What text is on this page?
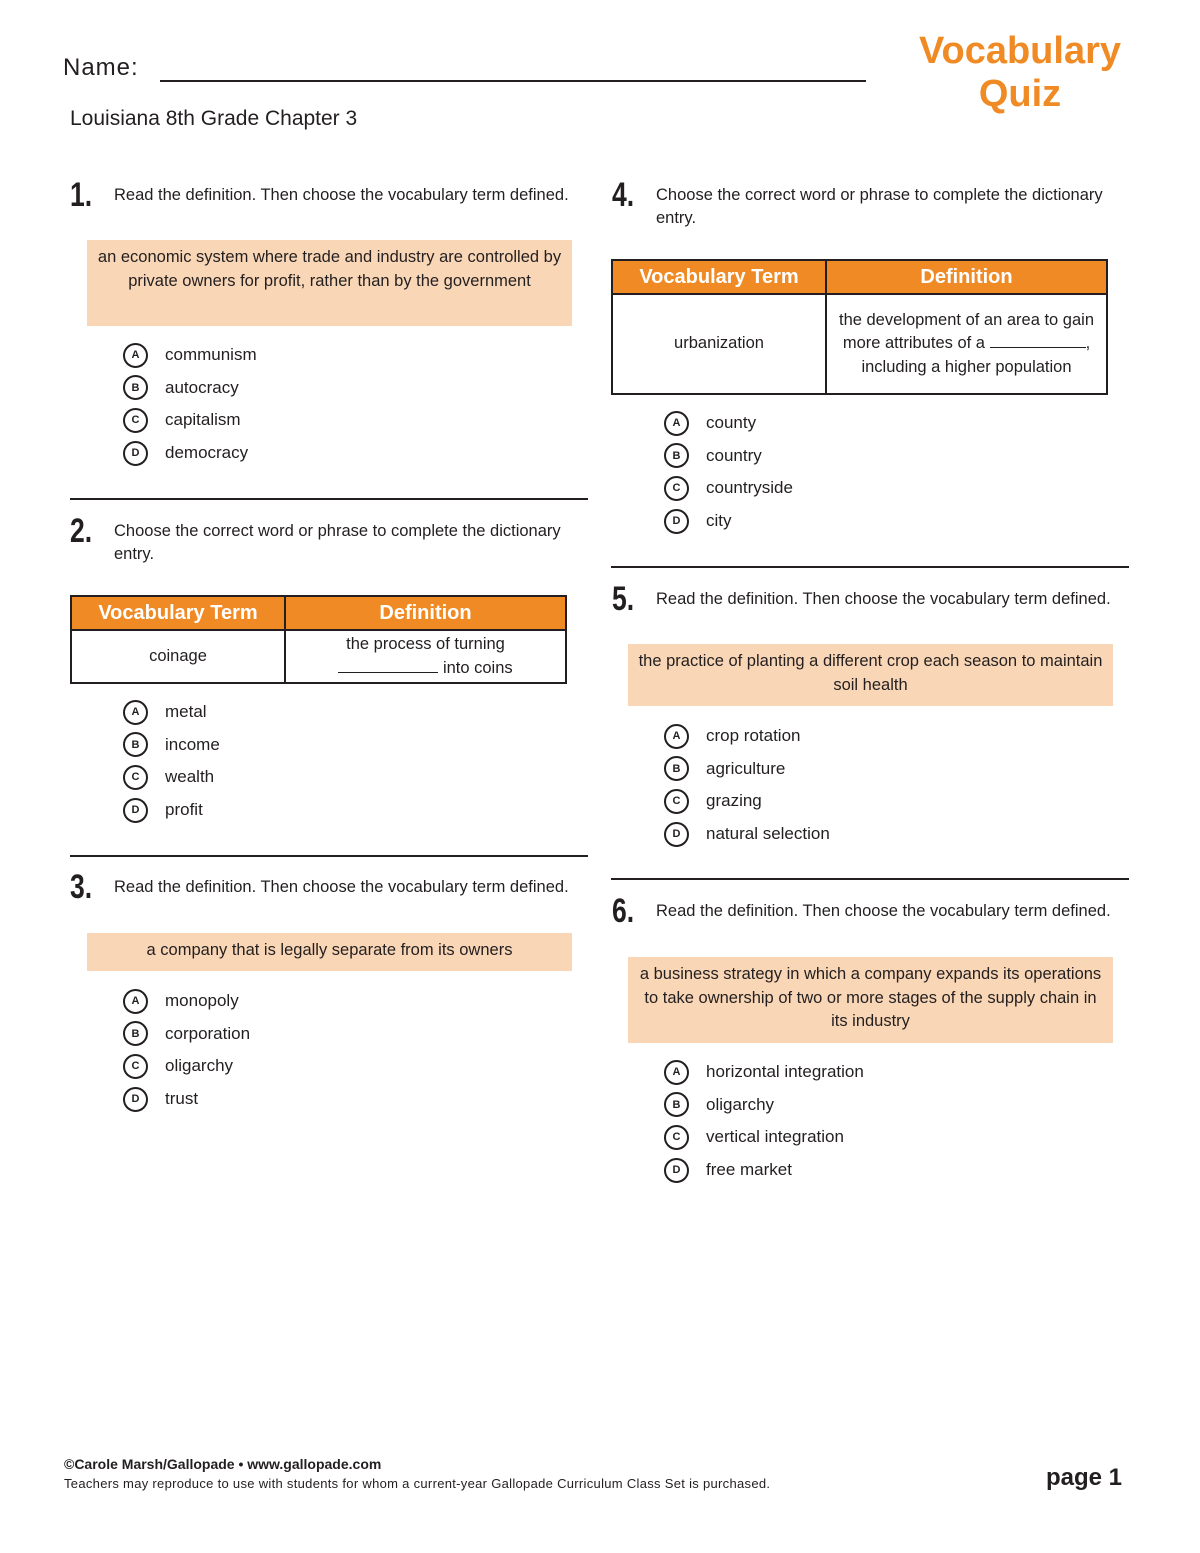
Name:	Vocabulary
Quiz
Louisiana 8th Grade Chapter 3
1. Read the definition. Then choose the vocabulary term defined.
an economic system where trade and industry are controlled by private owners for profit, rather than by the government
A	communism
B	autocracy
C	capitalism
D	democracy
2. Choose the correct word or phrase to complete the dictionary entry.
Vocabulary Term	Definition
coinage	the process of turning
into coins
A	metal
B	income
C	wealth
D	profit
3. Read the definition. Then choose the vocabulary term defined.
a company that is legally separate from its owners
A	monopoly
B	corporation
C	oligarchy
D	trust
4. Choose the correct word or phrase to complete the dictionary entry.
Vocabulary Term	Definition
urbanization	the development of an area to gain more attributes of a , including a higher population
A	county
B	country
C	countryside
D	city
5. Read the definition. Then choose the vocabulary term defined.
the practice of planting a different crop each season to maintain soil health
A	crop rotation
B	agriculture
C	grazing
D	natural selection
6. Read the definition. Then choose the vocabulary term defined.
a business strategy in which a company expands its operations to take ownership of two or more stages of the supply chain in its industry
A	horizontal integration
B	oligarchy
C	vertical integration
D	free market
©Carole Marsh/Gallopade • www.gallopade.com
Teachers may reproduce to use with students for whom a current-year Gallopade Curriculum Class Set is purchased.	page 1
